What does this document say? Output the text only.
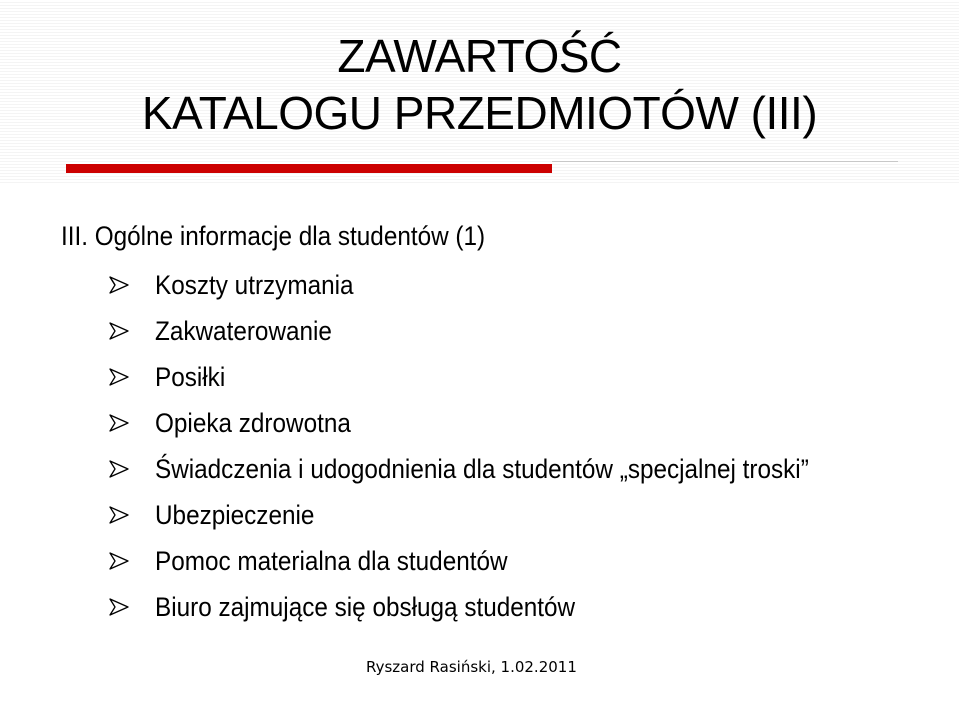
ZAWARTOŚĆ
KATALOGU PRZEDMIOTÓW (III)
III. Ogólne informacje dla studentów (1)
Koszty utrzymania
Zakwaterowanie
Posiłki
Opieka zdrowotna
Świadczenia i udogodnienia dla studentów „specjalnej troski”
Ubezpieczenie
Pomoc materialna dla studentów
Biuro zajmujące się obsługą studentów
Ryszard Rasiński, 1.02.2011
